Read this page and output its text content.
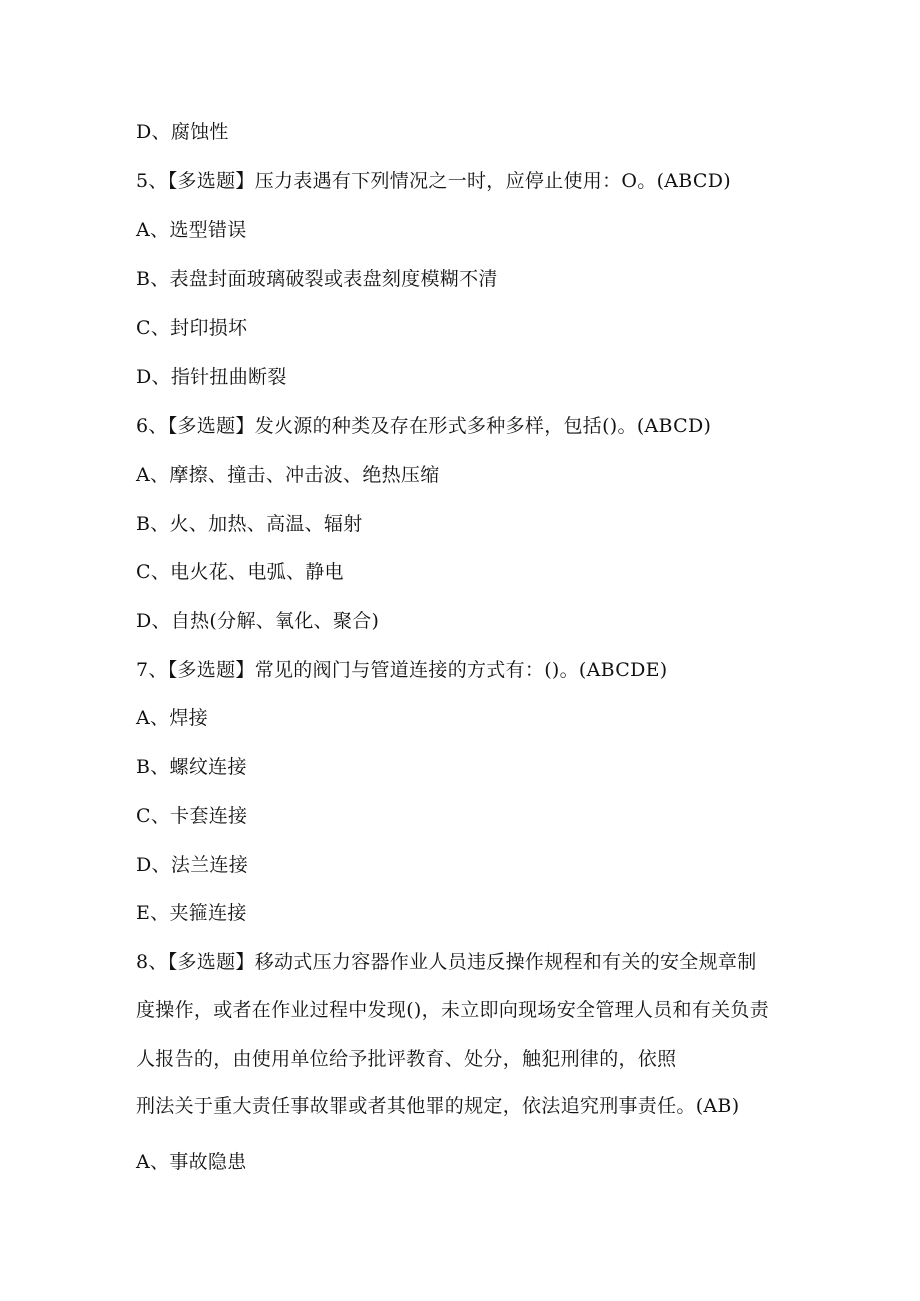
D、腐蚀性
5、【多选题】压力表遇有下列情况之一时，应停止使用：O。(ABCD)
A、选型错误
B、表盘封面玻璃破裂或表盘刻度模糊不清
C、封印损坏
D、指针扭曲断裂
6、【多选题】发火源的种类及存在形式多种多样，包括()。(ABCD)
A、摩擦、撞击、冲击波、绝热压缩
B、火、加热、高温、辐射
C、电火花、电弧、静电
D、自热(分解、氧化、聚合)
7、【多选题】常见的阀门与管道连接的方式有：()。(ABCDE)
A、焊接
B、螺纹连接
C、卡套连接
D、法兰连接
E、夹箍连接
8、【多选题】移动式压力容器作业人员违反操作规程和有关的安全规章制
度操作，或者在作业过程中发现()，未立即向现场安全管理人员和有关负责
人报告的，由使用单位给予批评教育、处分，触犯刑律的，依照
刑法关于重大责任事故罪或者其他罪的规定，依法追究刑事责任。(AB)
A、事故隐患
